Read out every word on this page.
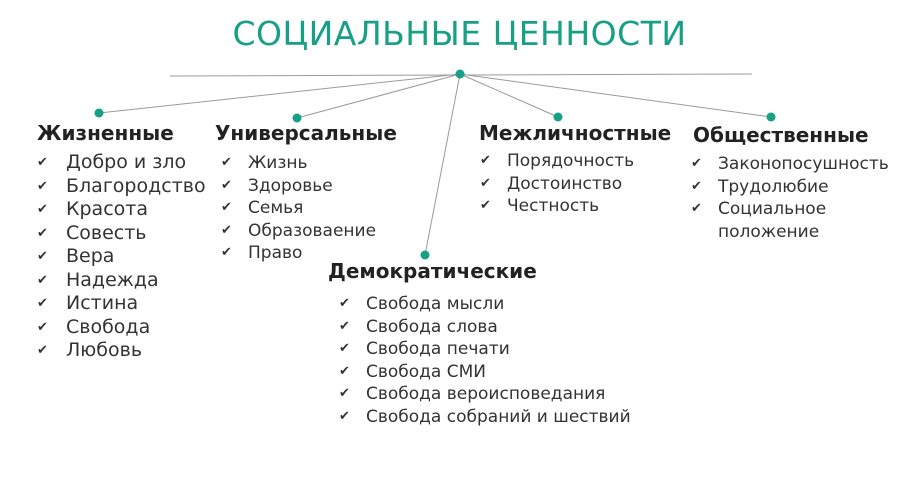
СОЦИАЛЬНЫЕ ЦЕННОСТИ
Жизненные
✔ Добро и зло
✔ Благородство
✔ Красота
✔ Совесть
✔ Вера
✔ Надежда
✔ Истина
✔ Свобода
✔ Любовь
Универсальные
✔ Жизнь
✔ Здоровье
✔ Семья
✔ Образоваение
✔ Право
Межличностные
✔ Порядочность
✔ Достоинство
✔ Честность
Общественные
✔ Законопосушность
✔ Трудолюбие
✔ Социальное положение
Демократические
✔ Свобода мысли
✔ Свобода слова
✔ Свобода печати
✔ Свобода СМИ
✔ Свобода вероисповедания
✔ Свобода собраний и шествий
